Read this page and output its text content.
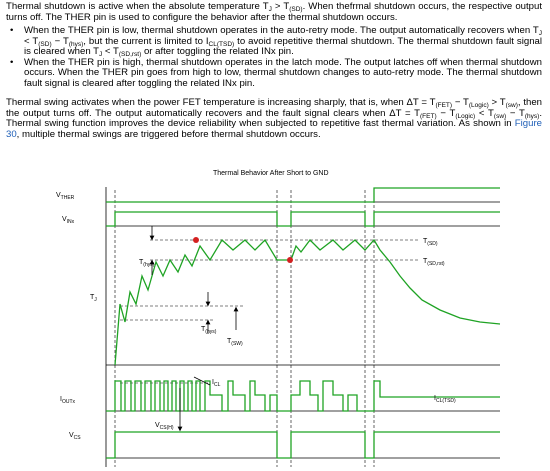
Thermal shutdown is active when the absolute temperature $T_J > T_{(SD)}$. When thefrmal shutdown occurs, the respective output turns off. The THER pin is used to configure the behavior after the thermal shutdown occurs.
• When the THER pin is low, thermal shutdown operates in the auto-retry mode. The output automatically recovers when $T_J < T_{(SD)} - T_{(hys)}$, but the current is limited to $I_{CL(TSD)}$ to avoid repetitive thermal shutdown. The thermal shutdown fault signal is cleared when $T_J < T_{(SD,rst)}$ or after toggling the related INx pin.
• When the THER pin is high, thermal shutdown operates in the latch mode. The output latches off when thermal shutdown occurs. When the THER pin goes from high to low, thermal shutdown changes to auto-retry mode. The thermal shutdown fault signal is cleared after toggling the related INx pin.
Thermal swing activates when the power FET temperature is increasing sharply, that is, when $\Delta T = T_{(FET)} - T_{(Logic)} > T_{(sw)}$, then the output turns off. The output automatically recovers and the fault signal clears when $\Delta T = T_{(FET)} - T_{(Logic)} < T_{(sw)} - T_{(hys)}$. Thermal swing function improves the device reliability when subjected to repetitive fast thermal variation. As shown in Figure 30, multiple thermal swings are triggered before thermal shutdown occurs.
Thermal Behavior After Short to GND
$V_{THER}$
$V_{INx}$
$T_J$
$I_{OUTx}$
$V_{CS}$
$T_{(SD)}$
$T_{(SD,rst)}$
$T_{(hys)}$
$T_{(hys)}$
$T_{(SW)}$
$I_{CL}$
$I_{CL(TSD)}$
$V_{CS(H)}$
